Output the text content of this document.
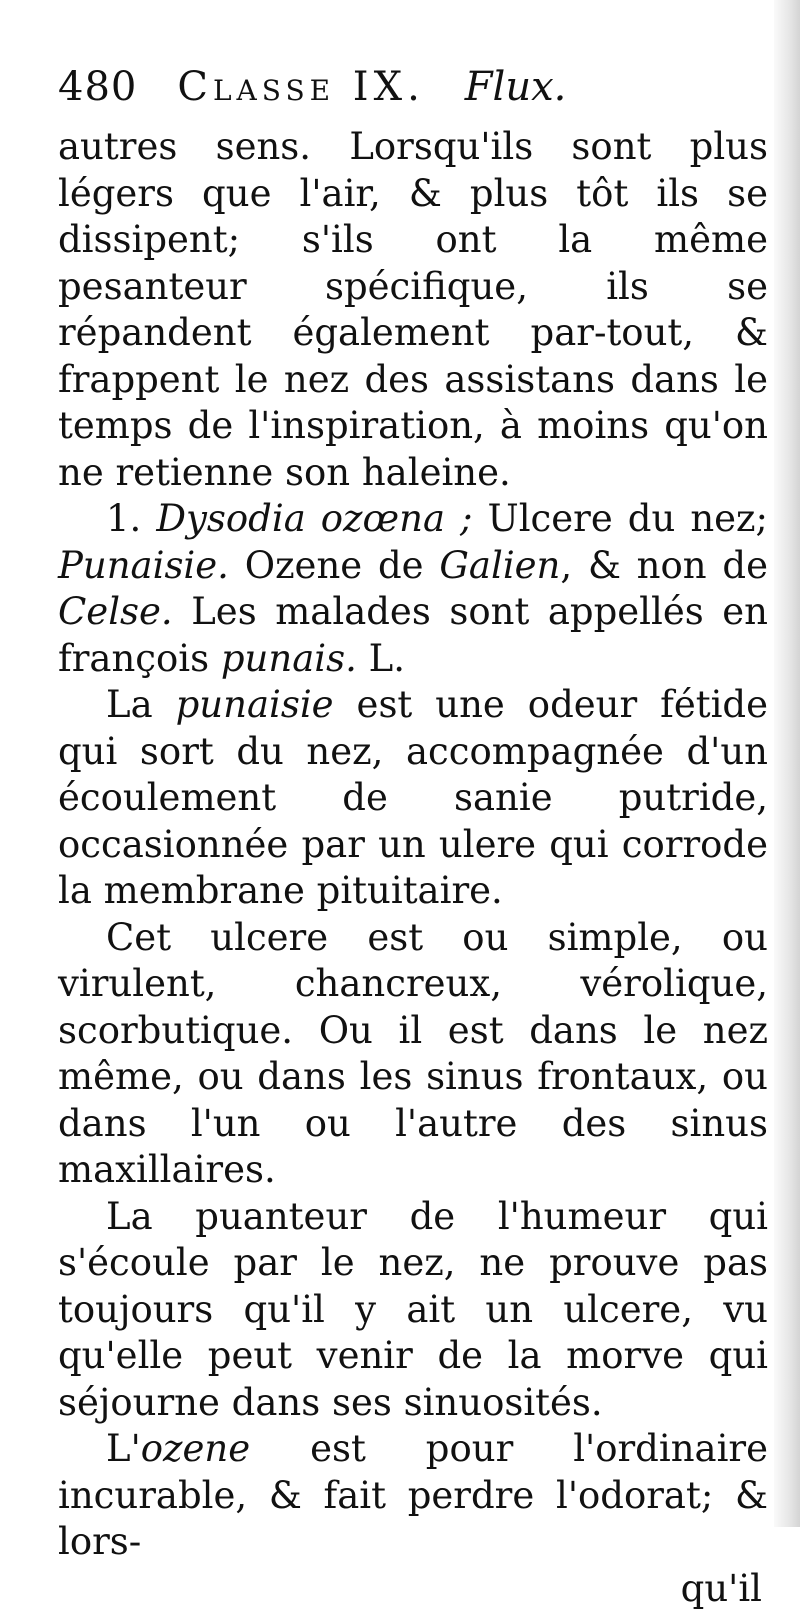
480 Classe IX. Flux.

autres sens. Lorsqu'ils sont plus légers que l'air, & plus tôt ils se dissipent; s'ils ont la même pesanteur spécifique, ils se répandent également par-tout, & frappent le nez des assistans dans le temps de l'inspiration, à moins qu'on ne retienne son haleine.

1. Dysodia ozœna ; Ulcere du nez; Punaisie. Ozene de Galien, & non de Celse. Les malades sont appellés en françois punais. L.

La punaisie est une odeur fétide qui sort du nez, accompagnée d'un écoulement de sanie putride, occasionnée par un ulere qui corrode la membrane pituitaire.

Cet ulcere est ou simple, ou virulent, chancreux, vérolique, scorbutique. Ou il est dans le nez même, ou dans les sinus frontaux, ou dans l'un ou l'autre des sinus maxillaires.

La puanteur de l'humeur qui s'écoule par le nez, ne prouve pas toujours qu'il y ait un ulcere, vu qu'elle peut venir de la morve qui séjourne dans ses sinuosités.

L'ozene est pour l'ordinaire incurable, & fait perdre l'odorat; & lors-

qu'il
